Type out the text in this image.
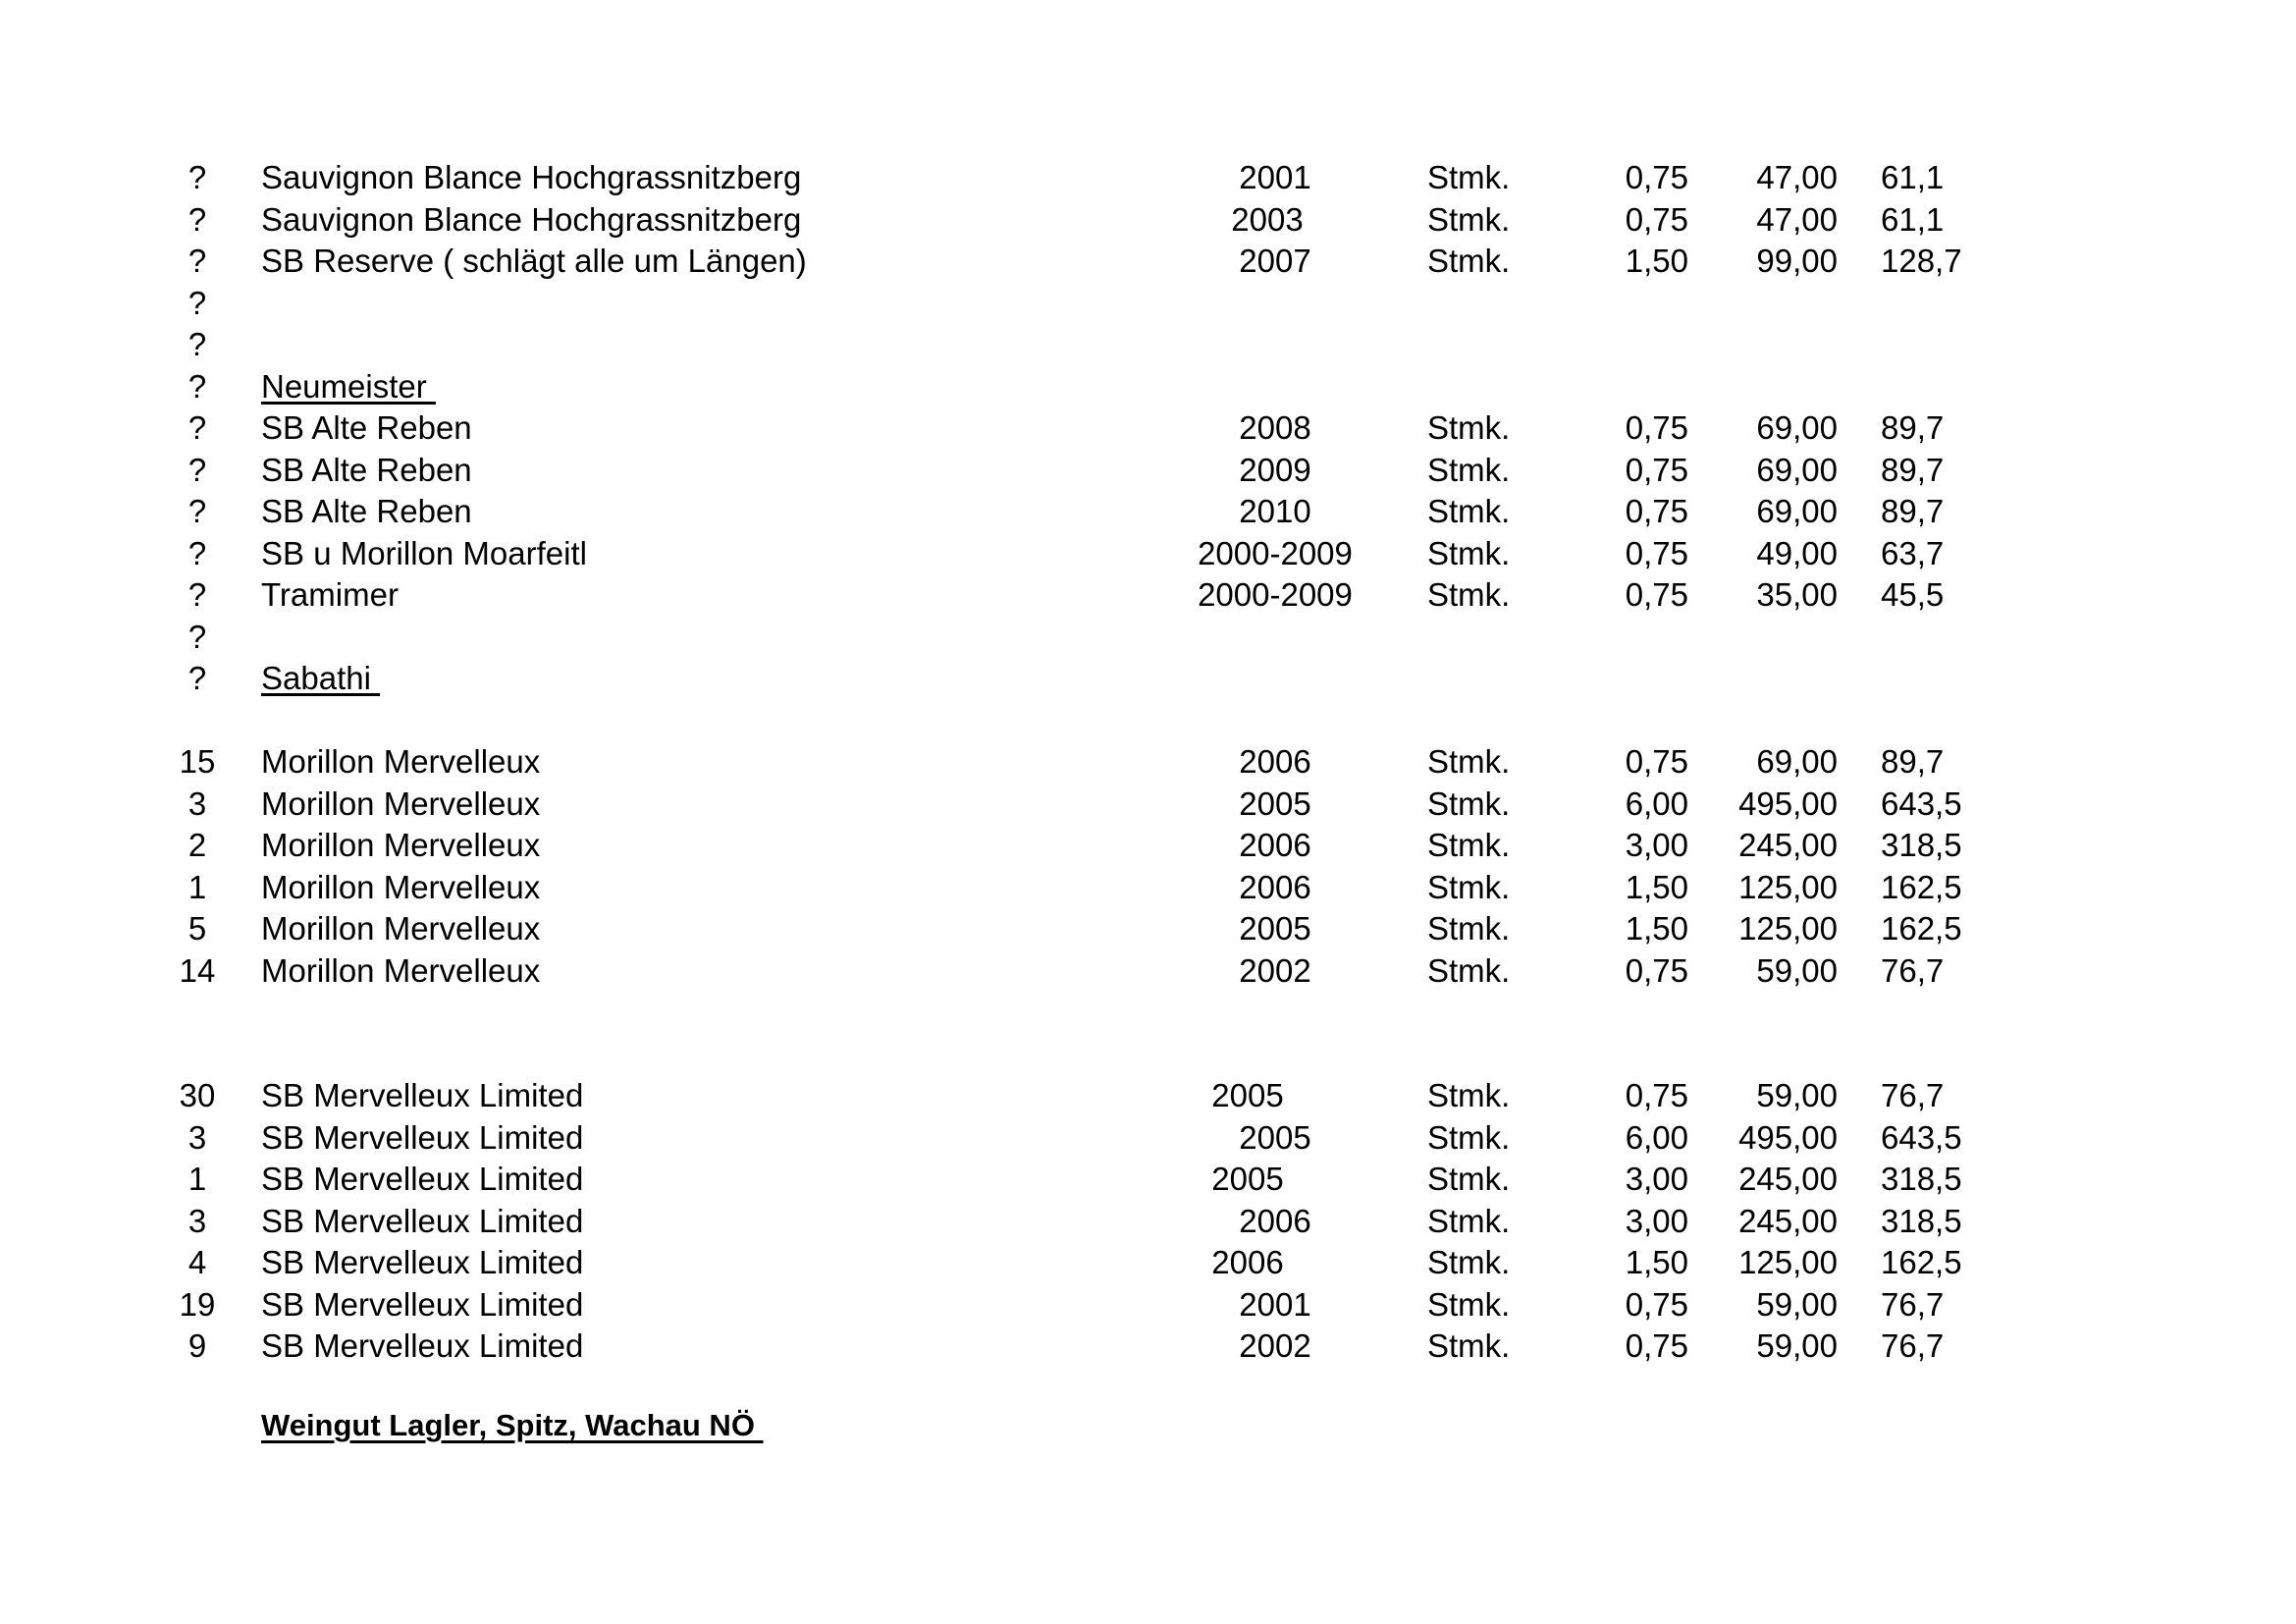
?	Sauvignon Blance Hochgrassnitzberg	2001	Stmk.	0,75	47,00 61,1
?	Sauvignon Blance Hochgrassnitzberg	2003	Stmk.	0,75	47,00 61,1
?	SB Reserve ( schlägt alle um Längen)	2007	Stmk.	1,50	99,00 128,7
?
?
?	Neumeister
?	SB Alte Reben	2008	Stmk.	0,75	69,00 89,7
?	SB Alte Reben	2009	Stmk.	0,75	69,00 89,7
?	SB Alte Reben	2010	Stmk.	0,75	69,00 89,7
?	SB u Morillon Moarfeitl	2000-2009	Stmk.	0,75	49,00 63,7
?	Tramimer	2000-2009	Stmk.	0,75	35,00 45,5
?
?	Sabathi
15	Morillon Mervelleux	2006	Stmk.	0,75	69,00 89,7
3	Morillon Mervelleux	2005	Stmk.	6,00	495,00 643,5
2	Morillon Mervelleux	2006	Stmk.	3,00	245,00 318,5
1	Morillon Mervelleux	2006	Stmk.	1,50	125,00 162,5
5	Morillon Mervelleux	2005	Stmk.	1,50	125,00 162,5
14	Morillon Mervelleux	2002	Stmk.	0,75	59,00 76,7
30	SB Mervelleux Limited	2005	Stmk.	0,75	59,00 76,7
3	SB Mervelleux Limited	2005	Stmk.	6,00	495,00 643,5
1	SB Mervelleux Limited	2005	Stmk.	3,00	245,00 318,5
3	SB Mervelleux Limited	2006	Stmk.	3,00	245,00 318,5
4	SB Mervelleux Limited	2006	Stmk.	1,50	125,00 162,5
19	SB Mervelleux Limited	2001	Stmk.	0,75	59,00 76,7
9	SB Mervelleux Limited	2002	Stmk.	0,75	59,00 76,7
Weingut Lagler, Spitz, Wachau NÖ
